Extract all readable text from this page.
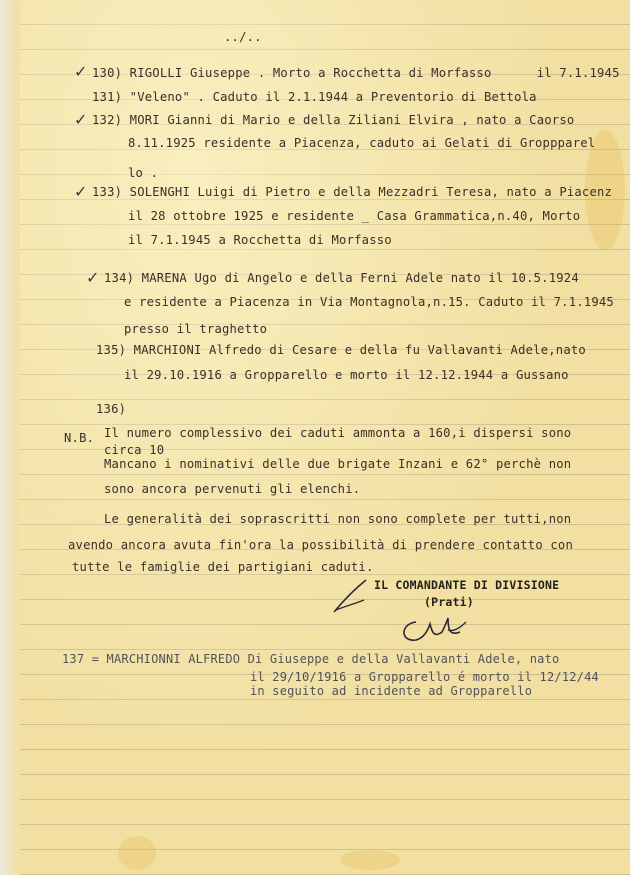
../..
✓ 130) RIGOLLI Giuseppe . Morto a Rocchetta di Morfasso      il 7.1.1945
131) "Veleno" . Caduto il 2.1.1944 a Preventorio di Bettola
✓ 132) MORI Gianni di Mario e della Ziliani Elvira , nato a Caorso
8.11.1925 residente a Piacenza, caduto ai Gelati di Groppparel
lo .
✓ 133) SOLENGHI Luigi di Pietro e della Mezzadri Teresa, nato a Piacenz
il 28 ottobre 1925 e residente _ Casa Grammatica,n.40, Morto
il 7.1.1945 a Rocchetta di Morfasso
✓ 134) MARENA Ugo di Angelo e della Ferni Adele nato il 10.5.1924
e residente a Piacenza in Via Montagnola,n.15. Caduto il 7.1.1945
presso il traghetto
135) MARCHIONI Alfredo di Cesare e della fu Vallavanti Adele,nato
il 29.10.1916 a Gropparello e morto il 12.12.1944 a Gussano
136)
N.B. Il numero complessivo dei caduti ammonta a 160,i dispersi sono
circa 10
Mancano i nominativi delle due brigate Inzani e 62° perchè non
sono ancora pervenuti gli elenchi.
Le generalità dei soprascritti non sono complete per tutti,non
avendo ancora avuta fin'ora la possibilità di prendere contatto con
tutte le famiglie dei partigiani caduti.
IL COMANDANTE DI DIVISIONE
(Prati)
137 = MARCHIONNI ALFREDO Di Giuseppe e della Vallavanti Adele, nato
il 29/10/1916 a Gropparello é morto il 12/12/44
in seguito ad incidente ad Gropparello
